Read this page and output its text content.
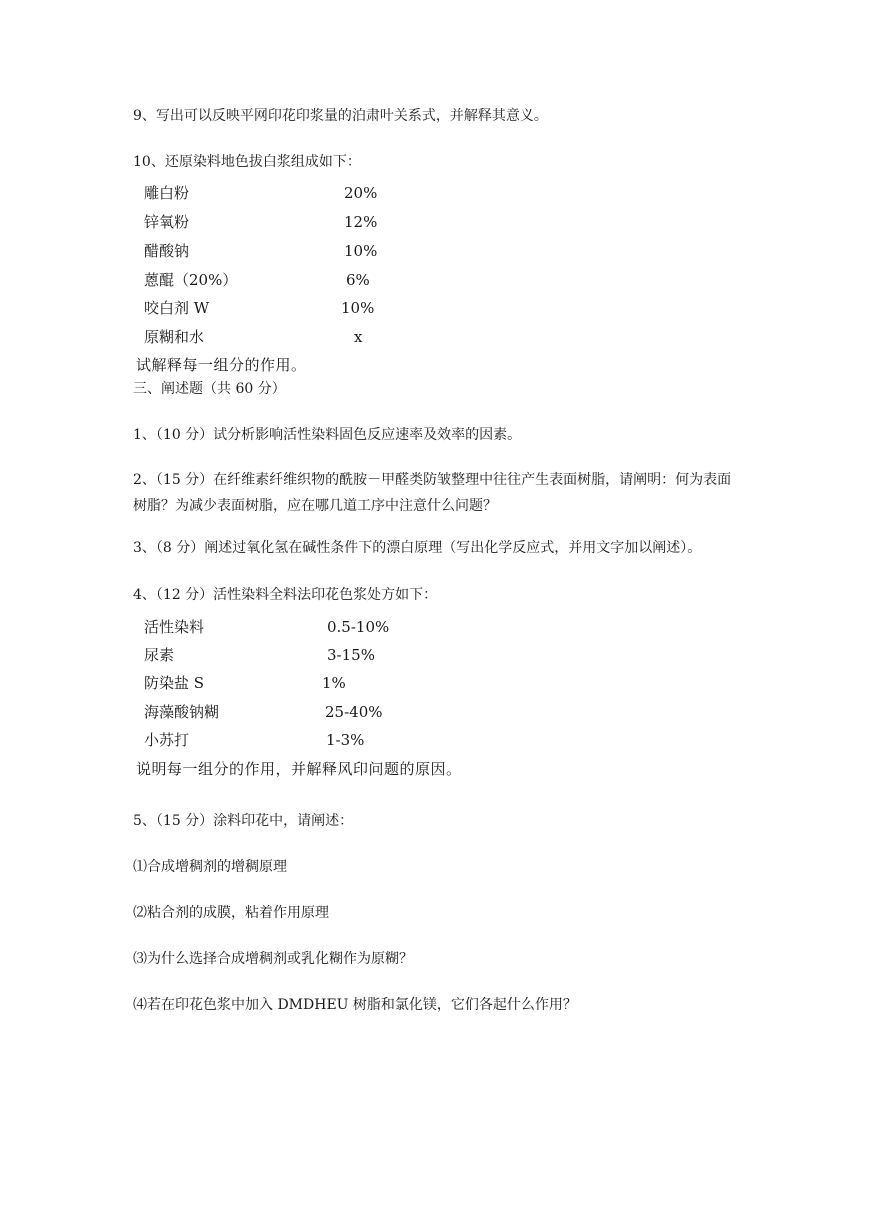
9、写出可以反映平网印花印浆量的泊肃叶关系式，并解释其意义。
10、还原染料地色拔白浆组成如下：
雕白粉	20%
锌氧粉	12%
醋酸钠	10%
蒽醌（20%）	6%
咬白剂 W	10%
原糊和水	x
试解释每一组分的作用。
三、阐述题（共 60 分）
1、（10 分）试分析影响活性染料固色反应速率及效率的因素。
2、（15 分）在纤维素纤维织物的酰胺－甲醛类防皱整理中往往产生表面树脂，请阐明：何为表面树脂？为减少表面树脂，应在哪几道工序中注意什么问题？
3、（8 分）阐述过氧化氢在碱性条件下的漂白原理（写出化学反应式，并用文字加以阐述）。
4、（12 分）活性染料全料法印花色浆处方如下：
活性染料	0.5-10%
尿素	3-15%
防染盐 S	1%
海藻酸钠糊	25-40%
小苏打	1-3%
说明每一组分的作用，并解释风印问题的原因。
5、（15 分）涂料印花中，请阐述：
⑴合成增稠剂的增稠原理
⑵粘合剂的成膜，粘着作用原理
⑶为什么选择合成增稠剂或乳化糊作为原糊？
⑷若在印花色浆中加入 DMDHEU 树脂和氯化镁，它们各起什么作用？
